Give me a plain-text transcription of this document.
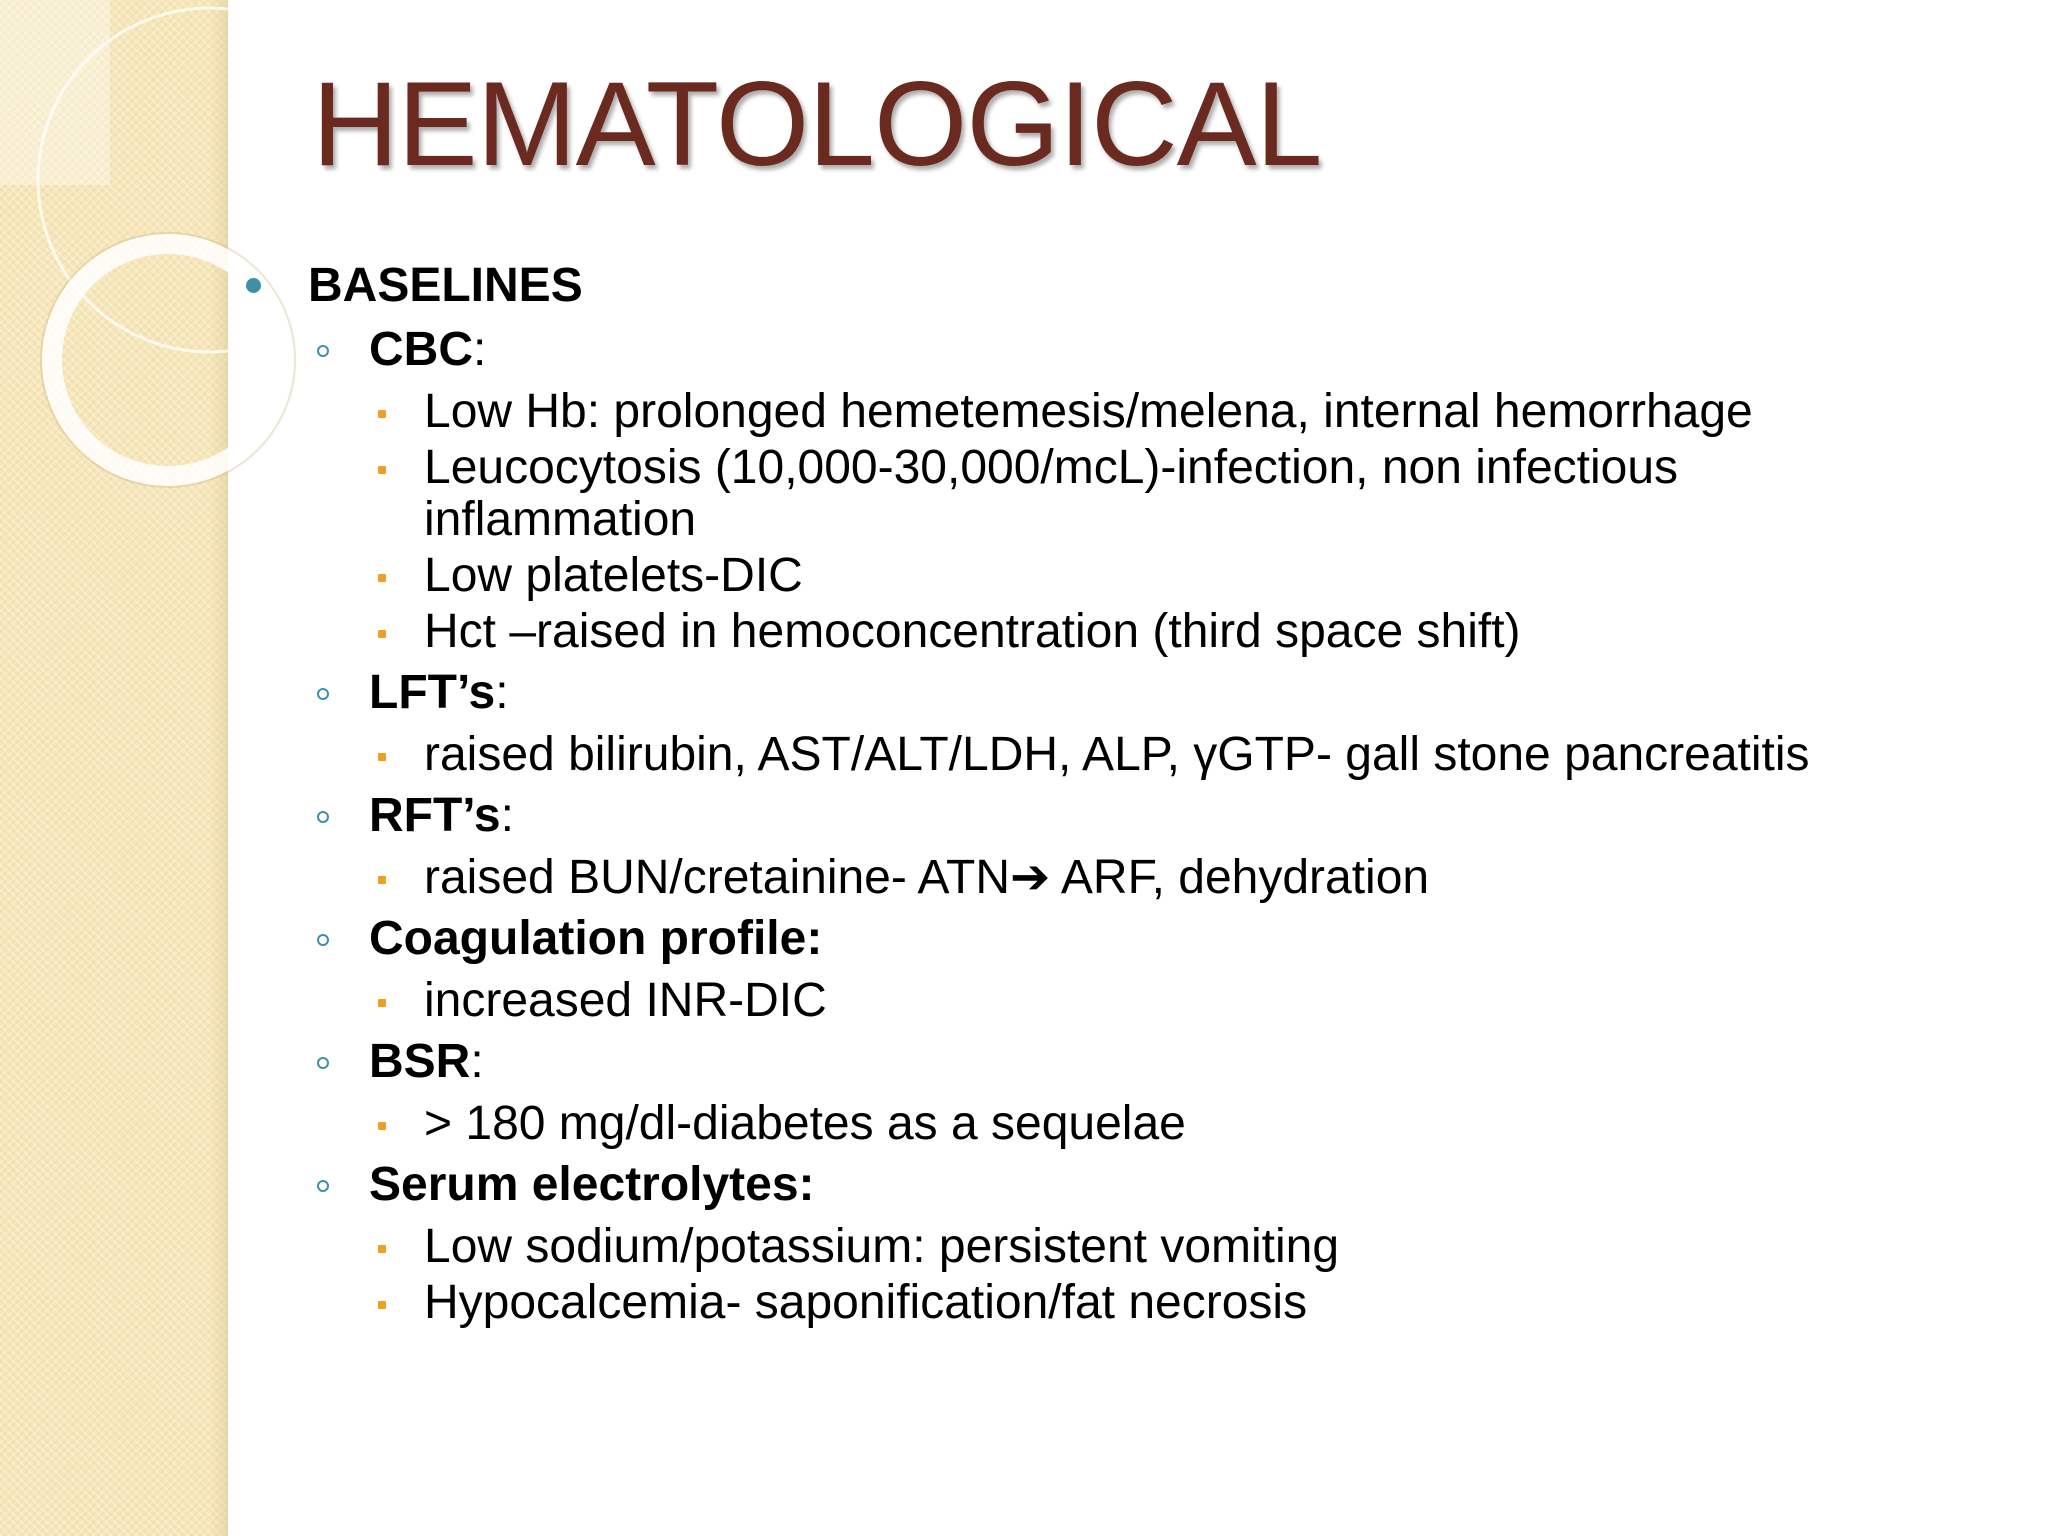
HEMATOLOGICAL
BASELINES
CBC:
Low Hb: prolonged hemetemesis/melena, internal hemorrhage
Leucocytosis (10,000-30,000/mcL)-infection, non infectious inflammation
Low platelets-DIC
Hct –raised in hemoconcentration (third space shift)
LFT’s:
raised bilirubin, AST/ALT/LDH, ALP, γGTP- gall stone pancreatitis
RFT’s:
raised BUN/cretainine- ATN➔ ARF, dehydration
Coagulation profile:
increased INR-DIC
BSR:
> 180 mg/dl-diabetes as a sequelae
Serum electrolytes:
Low sodium/potassium: persistent vomiting
Hypocalcemia- saponification/fat necrosis
